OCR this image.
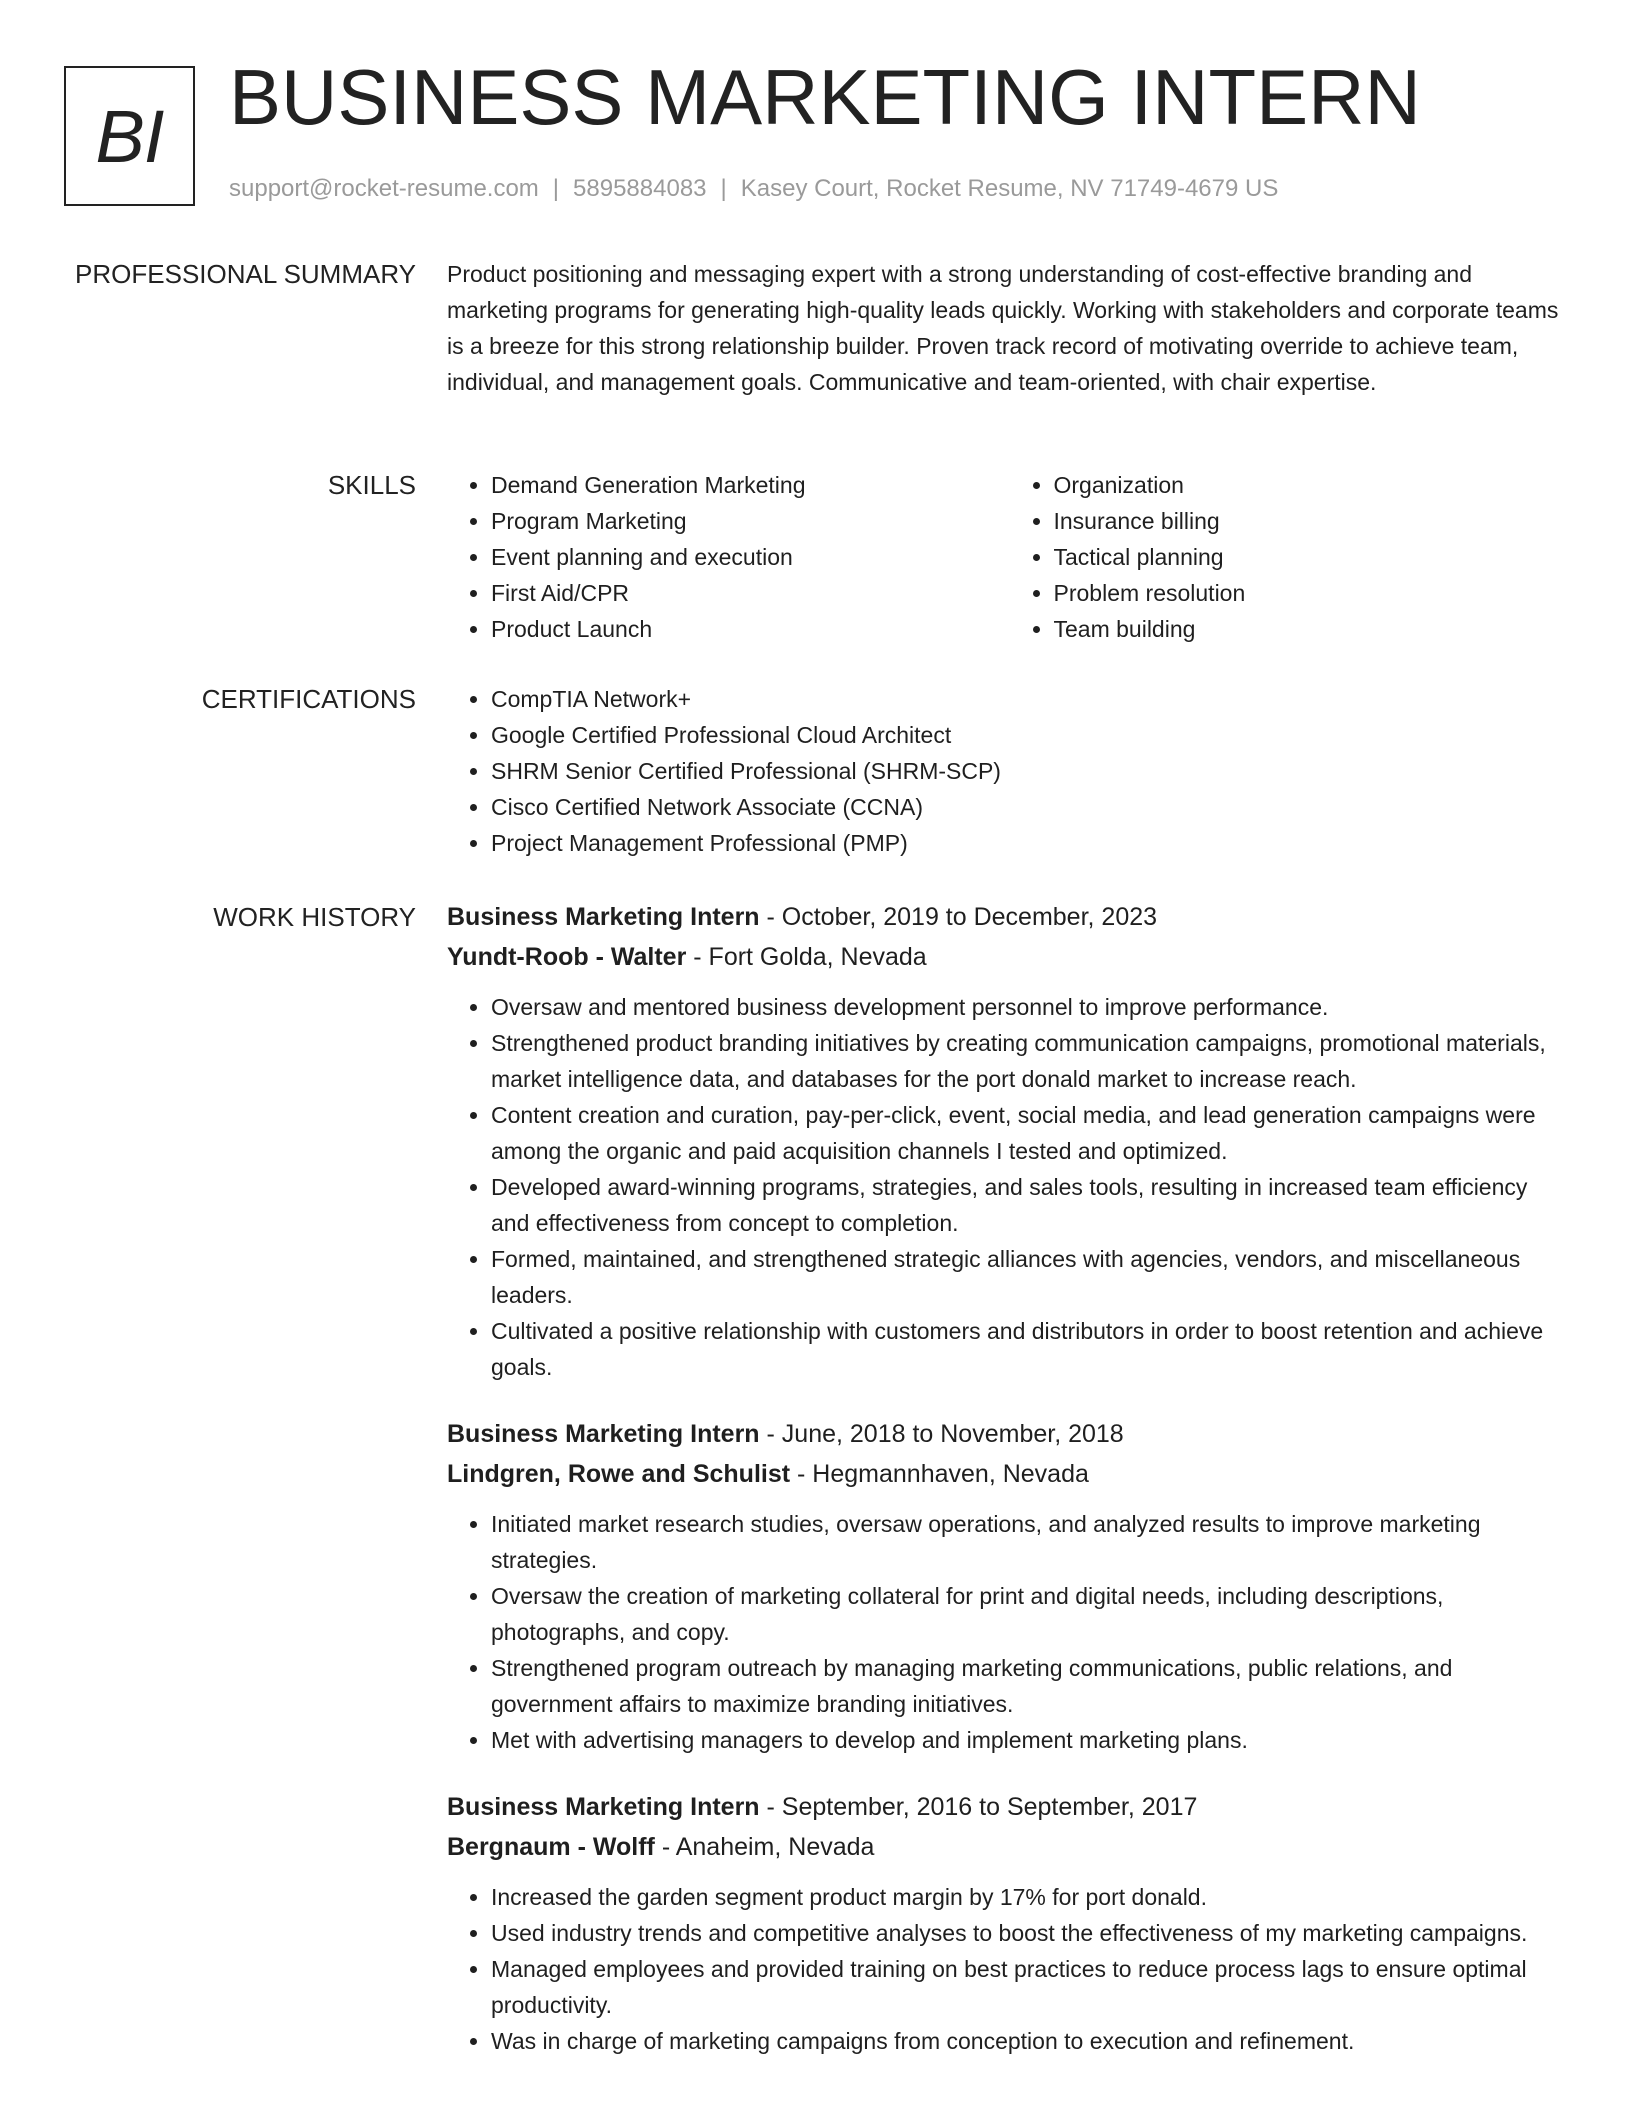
BI BUSINESS MARKETING INTERN
support@rocket-resume.com | 5895884083 | Kasey Court, Rocket Resume, NV 71749-4679 US
PROFESSIONAL SUMMARY Product positioning and messaging expert with a strong understanding of cost-effective branding and marketing programs for generating high-quality leads quickly. Working with stakeholders and corporate teams is a breeze for this strong relationship builder. Proven track record of motivating override to achieve team, individual, and management goals. Communicative and team-oriented, with chair expertise.
SKILLS	• Demand Generation Marketing
• Program Marketing
• Event planning and execution
• First Aid/CPR
• Product Launch
• Organization
• Insurance billing
• Tactical planning
• Problem resolution
• Team building
CERTIFICATIONS	• CompTIA Network+
• Google Certified Professional Cloud Architect
• SHRM Senior Certified Professional (SHRM-SCP)
• Cisco Certified Network Associate (CCNA)
• Project Management Professional (PMP)
WORK HISTORY Business Marketing Intern - October, 2019 to December, 2023
Yundt-Roob - Walter - Fort Golda, Nevada
• Oversaw and mentored business development personnel to improve performance.
• Strengthened product branding initiatives by creating communication campaigns, promotional materials, market intelligence data, and databases for the port donald market to increase reach.
• Content creation and curation, pay-per-click, event, social media, and lead generation campaigns were among the organic and paid acquisition channels I tested and optimized.
• Developed award-winning programs, strategies, and sales tools, resulting in increased team efficiency and effectiveness from concept to completion.
• Formed, maintained, and strengthened strategic alliances with agencies, vendors, and miscellaneous leaders.
• Cultivated a positive relationship with customers and distributors in order to boost retention and achieve goals.
Business Marketing Intern - June, 2018 to November, 2018
Lindgren, Rowe and Schulist - Hegmannhaven, Nevada
• Initiated market research studies, oversaw operations, and analyzed results to improve marketing strategies.
• Oversaw the creation of marketing collateral for print and digital needs, including descriptions, photographs, and copy.
• Strengthened program outreach by managing marketing communications, public relations, and government affairs to maximize branding initiatives.
• Met with advertising managers to develop and implement marketing plans.
Business Marketing Intern - September, 2016 to September, 2017
Bergnaum - Wolff - Anaheim, Nevada
• Increased the garden segment product margin by 17% for port donald.
• Used industry trends and competitive analyses to boost the effectiveness of my marketing campaigns.
• Managed employees and provided training on best practices to reduce process lags to ensure optimal productivity.
• Was in charge of marketing campaigns from conception to execution and refinement.
